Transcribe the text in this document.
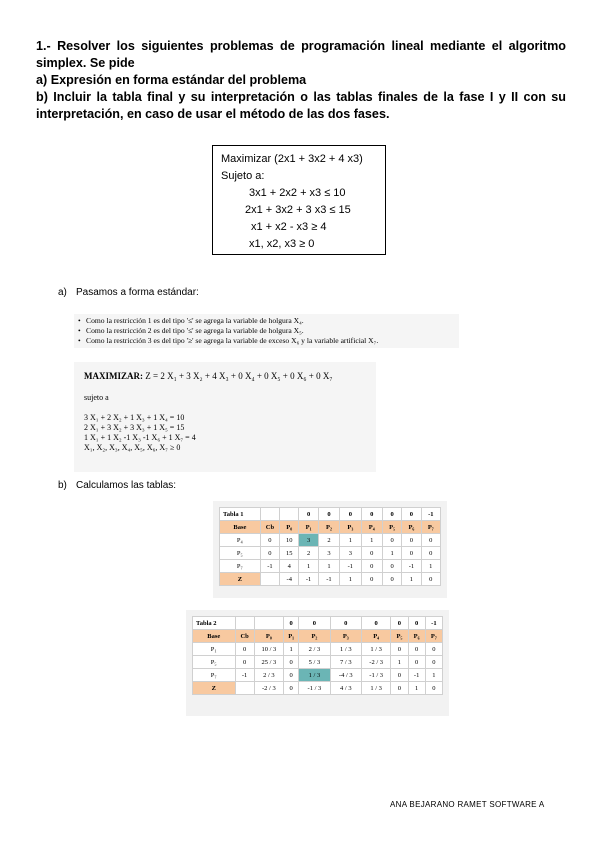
1.- Resolver los siguientes problemas de programación lineal mediante el algoritmo simplex. Se pide

a) Expresión en forma estándar del problema

b) Incluir la tabla final y su interpretación o las tablas finales de la fase I y II con su interpretación, en caso de usar el método de las dos fases.

Maximizar (2x1 + 3x2 + 4 x3)
Sujeto a:
3x1 + 2x2 + x3 ≤ 10
2x1 + 3x2 + 3 x3 ≤ 15
x1 + x2 - x3 ≥ 4
x1, x2, x3 ≥ 0
a) Pasamos a forma estándar:
• Como la restricción 1 es del tipo '≤' se agrega la variable de holgura X₄.
• Como la restricción 2 es del tipo '≤' se agrega la variable de holgura X₅.
• Como la restricción 3 es del tipo '≥' se agrega la variable de exceso X₆ y la variable artificial X₇.
MAXIMIZAR: Z = 2 X₁ + 3 X₂ + 4 X₃ + 0 X₄ + 0 X₅ + 0 X₆ + 0 X₇
sujeto a
3 X₁ + 2 X₂ + 1 X₃ + 1 X₄ = 10
2 X₁ + 3 X₂ + 3 X₃ + 1 X₅ = 15
1 X₁ + 1 X₂ -1 X₃ -1 X₆ + 1 X₇ = 4
X₁, X₂, X₃, X₄, X₅, X₆, X₇ ≥ 0
b) Calculamos las tablas:
Tabla 1			0	0	0	0	0	0	-1
Base	Cb	P₀	P₁	P₂	P₃	P₄	P₅	P₆	P₇
P₄	0	10	3	2	1	1	0	0	0
P₅	0	15	2	3	3	0	1	0	0
P₇	-1	4	1	1	-1	0	0	-1	1
Z		-4	-1	-1	1	0	0	1	0
Tabla 2			0	0	0	0	0	0	-1
Base	Cb	P₀	P₁	P₂	P₃	P₄	P₅	P₆	P₇
P₁	0	10 / 3	1	2 / 3	1 / 3	1 / 3	0	0	0
P₅	0	25 / 3	0	5 / 3	7 / 3	-2 / 3	1	0	0
P₇	-1	2 / 3	0	1 / 3	-4 / 3	-1 / 3	0	-1	1
Z		-2 / 3	0	-1 / 3	4 / 3	1 / 3	0	1	0
ANA BEJARANO RAMET SOFTWARE A
